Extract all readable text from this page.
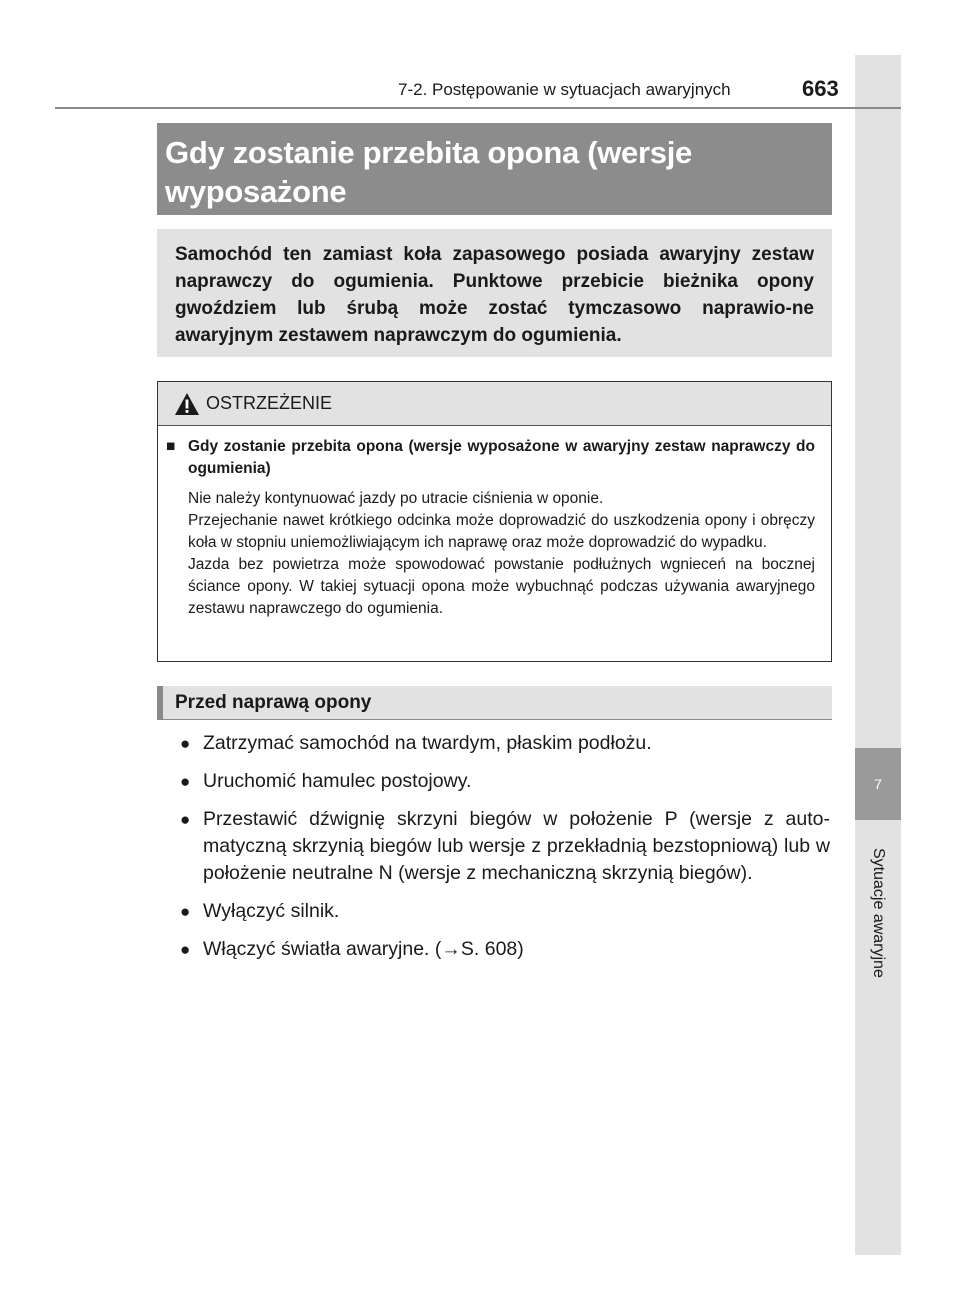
7
Sytuacje awaryjne
7-2. Postępowanie w sytuacjach awaryjnych	663
Gdy zostanie przebita opona (wersje wyposażone

Samochód ten zamiast koła zapasowego posiada awaryjny zestaw naprawczy do ogumienia. Punktowe przebicie bieżnika opony gwoździem lub śrubą może zostać tymczasowo naprawio-ne awaryjnym zestawem naprawczym do ogumienia.

OSTRZEŻENIE
■ Gdy zostanie przebita opona (wersje wyposażone w awaryjny zestaw naprawczy do ogumienia)

Nie należy kontynuować jazdy po utracie ciśnienia w oponie.

Przejechanie nawet krótkiego odcinka może doprowadzić do uszkodzenia opony i obręczy koła w stopniu uniemożliwiającym ich naprawę oraz może doprowadzić do wypadku.

Jazda bez powietrza może spowodować powstanie podłużnych wgnieceń na bocznej ściance opony. W takiej sytuacji opona może wybuchnąć podczas używania awaryjnego zestawu naprawczego do ogumienia.

Przed naprawą opony
● Zatrzymać samochód na twardym, płaskim podłożu.
● Uruchomić hamulec postojowy.
● Przestawić dźwignię skrzyni biegów w położenie P (wersje z auto-matyczną skrzynią biegów lub wersje z przekładnią bezstopniową) lub w położenie neutralne N (wersje z mechaniczną skrzynią biegów).
● Wyłączyć silnik.
● Włączyć światła awaryjne. (→S. 608)
